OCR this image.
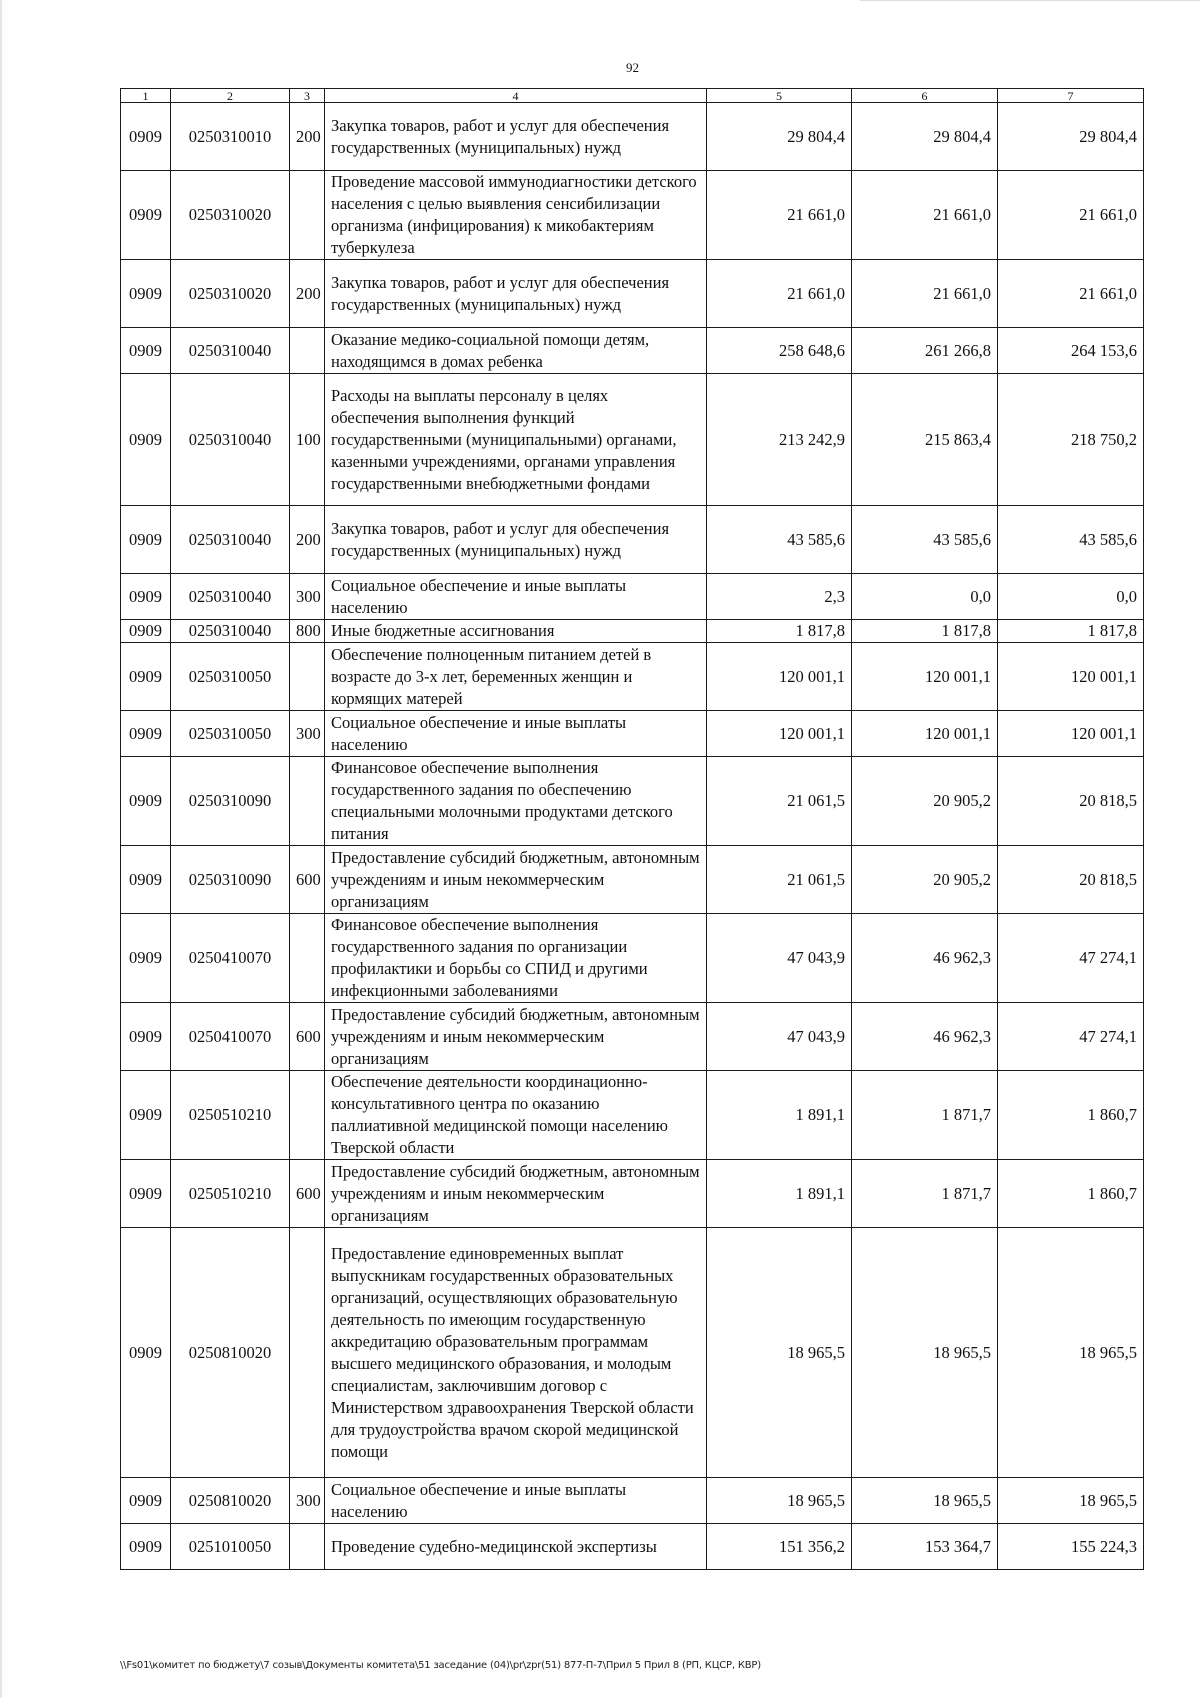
92
1	2	3	4	5	6	7
0909	0250310010	200	Закупка товаров, работ и услуг для обеспечения государственных (муниципальных) нужд	29 804,4	29 804,4	29 804,4
0909	0250310020		Проведение массовой иммунодиагностики детского населения с целью выявления сенсибилизации организма (инфицирования) к микобактериям туберкулеза	21 661,0	21 661,0	21 661,0
0909	0250310020	200	Закупка товаров, работ и услуг для обеспечения государственных (муниципальных) нужд	21 661,0	21 661,0	21 661,0
0909	0250310040		Оказание медико-социальной помощи детям, находящимся в домах ребенка	258 648,6	261 266,8	264 153,6
0909	0250310040	100	Расходы на выплаты персоналу в целях обеспечения выполнения функций государственными (муниципальными) органами, казенными учреждениями, органами управления государственными внебюджетными фондами	213 242,9	215 863,4	218 750,2
0909	0250310040	200	Закупка товаров, работ и услуг для обеспечения государственных (муниципальных) нужд	43 585,6	43 585,6	43 585,6
0909	0250310040	300	Социальное обеспечение и иные выплаты населению	2,3	0,0	0,0
0909	0250310040	800	Иные бюджетные ассигнования	1 817,8	1 817,8	1 817,8
0909	0250310050		Обеспечение полноценным питанием детей в возрасте до 3-х лет, беременных женщин и кормящих матерей	120 001,1	120 001,1	120 001,1
0909	0250310050	300	Социальное обеспечение и иные выплаты населению	120 001,1	120 001,1	120 001,1
0909	0250310090		Финансовое обеспечение выполнения государственного задания по обеспечению специальными молочными продуктами детского питания	21 061,5	20 905,2	20 818,5
0909	0250310090	600	Предоставление субсидий бюджетным, автономным учреждениям и иным некоммерческим организациям	21 061,5	20 905,2	20 818,5
0909	0250410070		Финансовое обеспечение выполнения государственного задания по организации профилактики и борьбы со СПИД и другими инфекционными заболеваниями	47 043,9	46 962,3	47 274,1
0909	0250410070	600	Предоставление субсидий бюджетным, автономным учреждениям и иным некоммерческим организациям	47 043,9	46 962,3	47 274,1
0909	0250510210		Обеспечение деятельности координационно-консультативного центра по оказанию паллиативной медицинской помощи населению Тверской области	1 891,1	1 871,7	1 860,7
0909	0250510210	600	Предоставление субсидий бюджетным, автономным учреждениям и иным некоммерческим организациям	1 891,1	1 871,7	1 860,7
0909	0250810020		Предоставление единовременных выплат выпускникам государственных образовательных организаций, осуществляющих образовательную деятельность по имеющим государственную аккредитацию образовательным программам высшего медицинского образования, и молодым специалистам, заключившим договор с Министерством здравоохранения Тверской области для трудоустройства врачом скорой медицинской помощи	18 965,5	18 965,5	18 965,5
0909	0250810020	300	Социальное обеспечение и иные выплаты населению	18 965,5	18 965,5	18 965,5
0909	0251010050		Проведение судебно-медицинской экспертизы	151 356,2	153 364,7	155 224,3
\\Fs01\комитет по бюджету\7 созыв\Документы комитета\51 заседание (04)\pr\zpr(51) 877-П-7\Прил 5 Прил 8 (РП, КЦСР, КВР)
